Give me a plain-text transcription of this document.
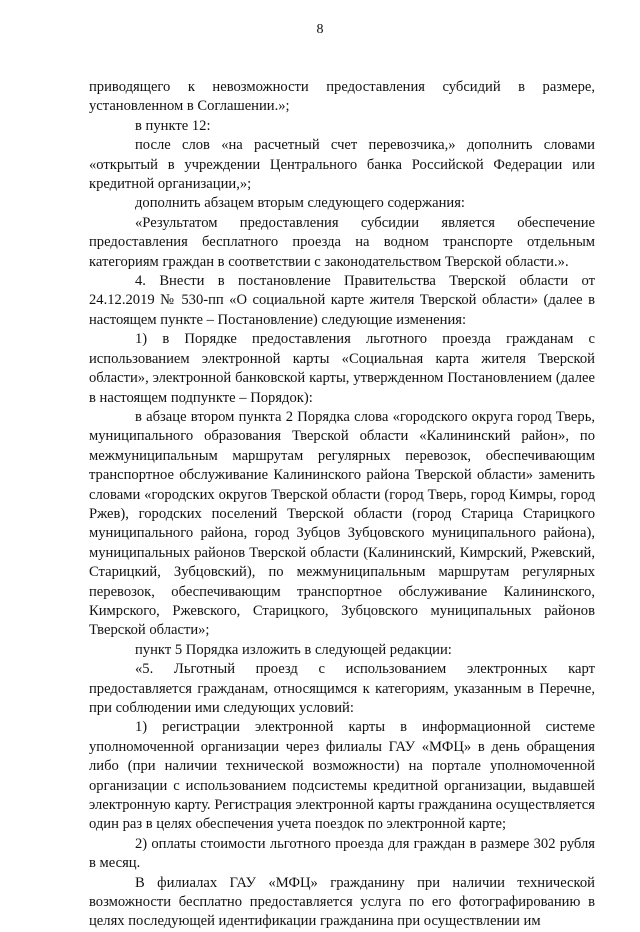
8

приводящего к невозможности предоставления субсидий в размере, установленном в Соглашении.»;

в пункте 12:

после слов «на расчетный счет перевозчика,» дополнить словами «открытый в учреждении Центрального банка Российской Федерации или кредитной организации,»;

дополнить абзацем вторым следующего содержания:

«Результатом предоставления субсидии является обеспечение предоставления бесплатного проезда на водном транспорте отдельным категориям граждан в соответствии с законодательством Тверской области.».

4. Внести в постановление Правительства Тверской области от 24.12.2019 № 530-пп «О социальной карте жителя Тверской области» (далее в настоящем пункте – Постановление) следующие изменения:

1) в Порядке предоставления льготного проезда гражданам с использованием электронной карты «Социальная карта жителя Тверской области», электронной банковской карты, утвержденном Постановлением (далее в настоящем подпункте – Порядок):

в абзаце втором пункта 2 Порядка слова «городского округа город Тверь, муниципального образования Тверской области «Калининский район», по межмуниципальным маршрутам регулярных перевозок, обеспечивающим транспортное обслуживание Калининского района Тверской области» заменить словами «городских округов Тверской области (город Тверь, город Кимры, город Ржев), городских поселений Тверской области (город Старица Старицкого муниципального района, город Зубцов Зубцовского муниципального района), муниципальных районов Тверской области (Калининский, Кимрский, Ржевский, Старицкий, Зубцовский), по межмуниципальным маршрутам регулярных перевозок, обеспечивающим транспортное обслуживание Калининского, Кимрского, Ржевского, Старицкого, Зубцовского муниципальных районов Тверской области»;

пункт 5 Порядка изложить в следующей редакции:

«5. Льготный проезд с использованием электронных карт предоставляется гражданам, относящимся к категориям, указанным в Перечне, при соблюдении ими следующих условий:

1) регистрации электронной карты в информационной системе уполномоченной организации через филиалы ГАУ «МФЦ» в день обращения либо (при наличии технической возможности) на портале уполномоченной организации с использованием подсистемы кредитной организации, выдавшей электронную карту. Регистрация электронной карты гражданина осуществляется один раз в целях обеспечения учета поездок по электронной карте;

2) оплаты стоимости льготного проезда для граждан в размере 302 рубля в месяц.

В филиалах ГАУ «МФЦ» гражданину при наличии технической возможности бесплатно предоставляется услуга по его фотографированию в целях последующей идентификации гражданина при осуществлении им
